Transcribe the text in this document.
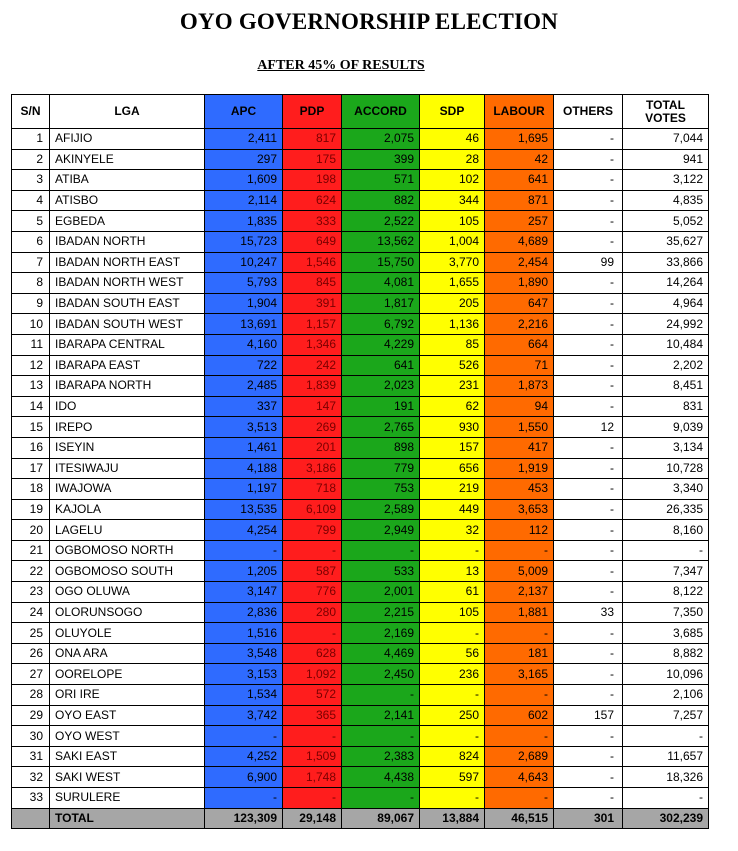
OYO GOVERNORSHIP ELECTION
AFTER 45% OF RESULTS
S/N	LGA	APC	PDP	ACCORD	SDP	LABOUR	OTHERS	TOTAL VOTES
1	AFIJIO	2,411	817	2,075	46	1,695	-	7,044
2	AKINYELE	297	175	399	28	42	-	941
3	ATIBA	1,609	198	571	102	641	-	3,122
4	ATISBO	2,114	624	882	344	871	-	4,835
5	EGBEDA	1,835	333	2,522	105	257	-	5,052
6	IBADAN NORTH	15,723	649	13,562	1,004	4,689	-	35,627
7	IBADAN NORTH EAST	10,247	1,546	15,750	3,770	2,454	99	33,866
8	IBADAN NORTH WEST	5,793	845	4,081	1,655	1,890	-	14,264
9	IBADAN SOUTH EAST	1,904	391	1,817	205	647	-	4,964
10	IBADAN SOUTH WEST	13,691	1,157	6,792	1,136	2,216	-	24,992
11	IBARAPA CENTRAL	4,160	1,346	4,229	85	664	-	10,484
12	IBARAPA EAST	722	242	641	526	71	-	2,202
13	IBARAPA NORTH	2,485	1,839	2,023	231	1,873	-	8,451
14	IDO	337	147	191	62	94	-	831
15	IREPO	3,513	269	2,765	930	1,550	12	9,039
16	ISEYIN	1,461	201	898	157	417	-	3,134
17	ITESIWAJU	4,188	3,186	779	656	1,919	-	10,728
18	IWAJOWA	1,197	718	753	219	453	-	3,340
19	KAJOLA	13,535	6,109	2,589	449	3,653	-	26,335
20	LAGELU	4,254	799	2,949	32	112	-	8,160
21	OGBOMOSO NORTH	-	-	-	-	-	-	-
22	OGBOMOSO SOUTH	1,205	587	533	13	5,009	-	7,347
23	OGO OLUWA	3,147	776	2,001	61	2,137	-	8,122
24	OLORUNSOGO	2,836	280	2,215	105	1,881	33	7,350
25	OLUYOLE	1,516	-	2,169	-	-	-	3,685
26	ONA ARA	3,548	628	4,469	56	181	-	8,882
27	OORELOPE	3,153	1,092	2,450	236	3,165	-	10,096
28	ORI IRE	1,534	572	-	-	-	-	2,106
29	OYO EAST	3,742	365	2,141	250	602	157	7,257
30	OYO WEST	-	-	-	-	-	-	-
31	SAKI EAST	4,252	1,509	2,383	824	2,689	-	11,657
32	SAKI WEST	6,900	1,748	4,438	597	4,643	-	18,326
33	SURULERE	-	-	-	-	-	-	-
	TOTAL	123,309	29,148	89,067	13,884	46,515	301	302,239
